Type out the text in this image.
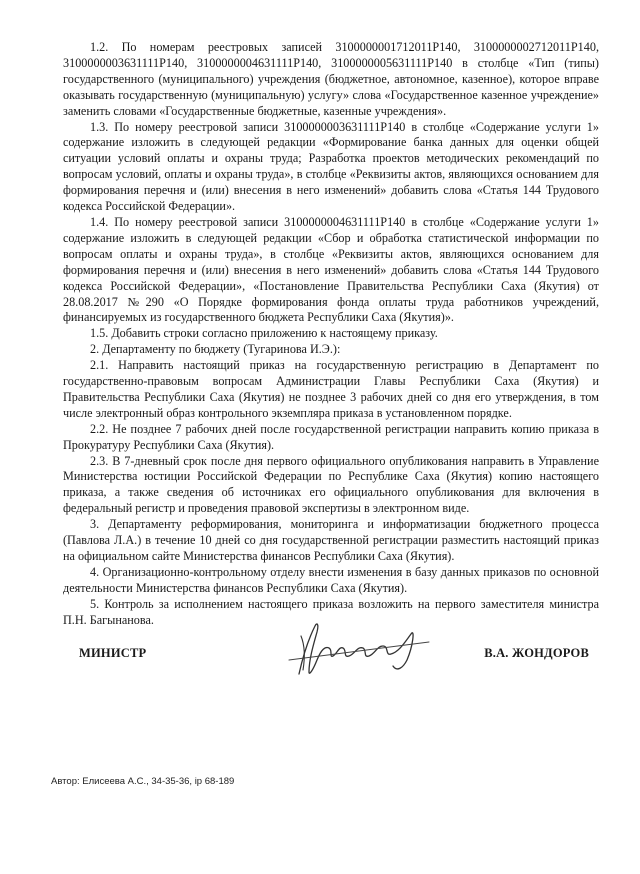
1.2. По номерам реестровых записей 3100000001712011Р140, 3100000002712011Р140, 3100000003631111Р140, 3100000004631111Р140, 3100000005631111Р140 в столбце «Тип (типы) государственного (муниципального) учреждения (бюджетное, автономное, казенное), которое вправе оказывать государственную (муниципальную) услугу» слова «Государственное казенное учреждение» заменить словами «Государственные бюджетные, казенные учреждения».

1.3. По номеру реестровой записи 3100000003631111Р140 в столбце «Содержание услуги 1» содержание изложить в следующей редакции «Формирование банка данных для оценки общей ситуации условий оплаты и охраны труда; Разработка проектов методических рекомендаций по вопросам условий, оплаты и охраны труда», в столбце «Реквизиты актов, являющихся основанием для формирования перечня и (или) внесения в него изменений» добавить слова «Статья 144 Трудового кодекса Российской Федерации».

1.4. По номеру реестровой записи 3100000004631111Р140 в столбце «Содержание услуги 1» содержание изложить в следующей редакции «Сбор и обработка статистической информации по вопросам оплаты и охраны труда», в столбце «Реквизиты актов, являющихся основанием для формирования перечня и (или) внесения в него изменений» добавить слова «Статья 144 Трудового кодекса Российской Федерации», «Постановление Правительства Республики Саха (Якутия) от 28.08.2017 №290 «О Порядке формирования фонда оплаты труда работников учреждений, финансируемых из государственного бюджета Республики Саха (Якутия)».

1.5. Добавить строки согласно приложению к настоящему приказу.

2. Департаменту по бюджету (Тугаринова И.Э.):

2.1. Направить настоящий приказ на государственную регистрацию в Департамент по государственно-правовым вопросам Администрации Главы Республики Саха (Якутия) и Правительства Республики Саха (Якутия) не позднее 3 рабочих дней со дня его утверждения, в том числе электронный образ контрольного экземпляра приказа в установленном порядке.

2.2. Не позднее 7 рабочих дней после государственной регистрации направить копию приказа в Прокуратуру Республики Саха (Якутия).

2.3. В 7-дневный срок после дня первого официального опубликования направить в Управление Министерства юстиции Российской Федерации по Республике Саха (Якутия) копию настоящего приказа, а также сведения об источниках его официального опубликования для включения в федеральный регистр и проведения правовой экспертизы в электронном виде.

3. Департаменту реформирования, мониторинга и информатизации бюджетного процесса (Павлова Л.А.) в течение 10 дней со дня государственной регистрации разместить настоящий приказ на официальном сайте Министерства финансов Республики Саха (Якутия).

4. Организационно-контрольному отделу внести изменения в базу данных приказов по основной деятельности Министерства финансов Республики Саха (Якутия).

5. Контроль за исполнением настоящего приказа возложить на первого заместителя министра П.Н. Багынанова.

МИНИСТР	В.А. ЖОНДОРОВ
Автор: Елисеева А.С., 34-35-36, ip 68-189
